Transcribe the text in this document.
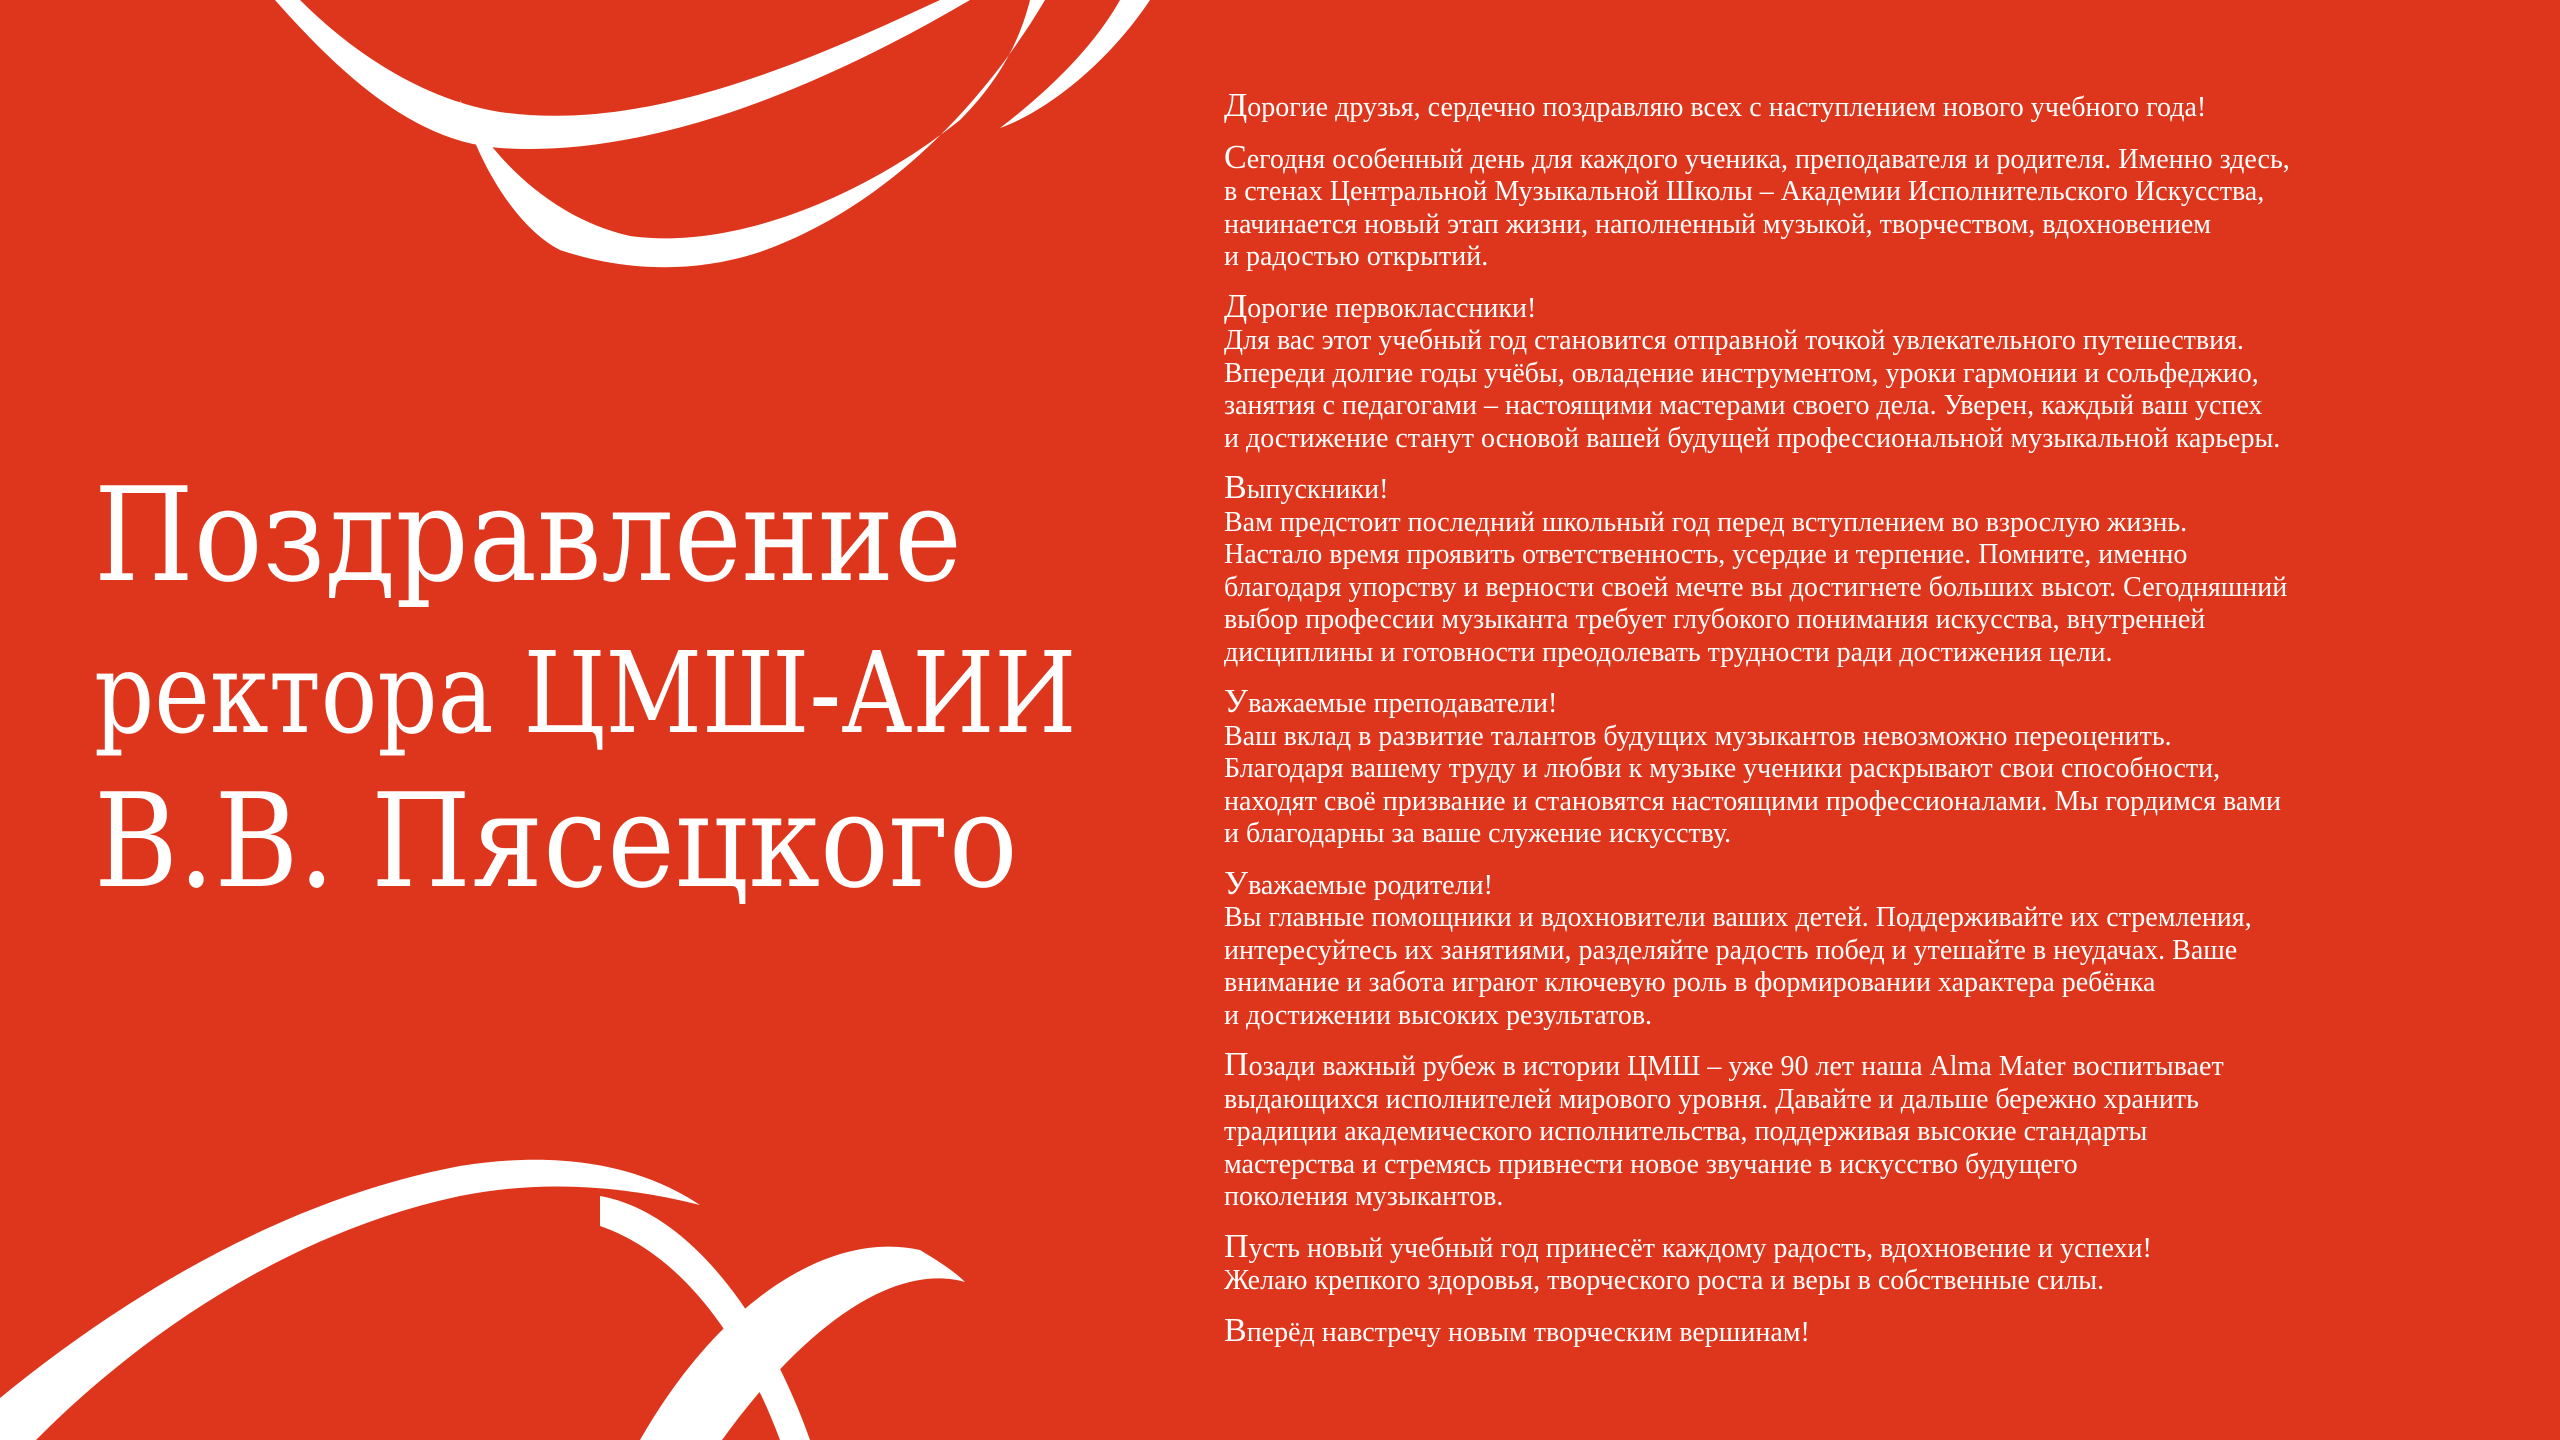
Поздравление
ректора ЦМШ-АИИ
В.В. Пясецкого

Дорогие друзья, сердечно поздравляю всех с наступлением нового учебного года!

Сегодня особенный день для каждого ученика, преподавателя и родителя. Именно здесь,
в стенах Центральной Музыкальной Школы – Академии Исполнительского Искусства,
начинается новый этап жизни, наполненный музыкой, творчеством, вдохновением
и радостью открытий.

Дорогие первоклассники!
Для вас этот учебный год становится отправной точкой увлекательного путешествия.
Впереди долгие годы учёбы, овладение инструментом, уроки гармонии и сольфеджио,
занятия с педагогами – настоящими мастерами своего дела. Уверен, каждый ваш успех
и достижение станут основой вашей будущей профессиональной музыкальной карьеры.

Выпускники!
Вам предстоит последний школьный год перед вступлением во взрослую жизнь.
Настало время проявить ответственность, усердие и терпение. Помните, именно
благодаря упорству и верности своей мечте вы достигнете больших высот. Сегодняшний
выбор профессии музыканта требует глубокого понимания искусства, внутренней
дисциплины и готовности преодолевать трудности ради достижения цели.

Уважаемые преподаватели!
Ваш вклад в развитие талантов будущих музыкантов невозможно переоценить.
Благодаря вашему труду и любви к музыке ученики раскрывают свои способности,
находят своё призвание и становятся настоящими профессионалами. Мы гордимся вами
и благодарны за ваше служение искусству.

Уважаемые родители!
Вы главные помощники и вдохновители ваших детей. Поддерживайте их стремления,
интересуйтесь их занятиями, разделяйте радость побед и утешайте в неудачах. Ваше
внимание и забота играют ключевую роль в формировании характера ребёнка
и достижении высоких результатов.

Позади важный рубеж в истории ЦМШ – уже 90 лет наша Alma Mater воспитывает
выдающихся исполнителей мирового уровня. Давайте и дальше бережно хранить
традиции академического исполнительства, поддерживая высокие стандарты
мастерства и стремясь привнести новое звучание в искусство будущего
поколения музыкантов.

Пусть новый учебный год принесёт каждому радость, вдохновение и успехи!
Желаю крепкого здоровья, творческого роста и веры в собственные силы.

Вперёд навстречу новым творческим вершинам!
